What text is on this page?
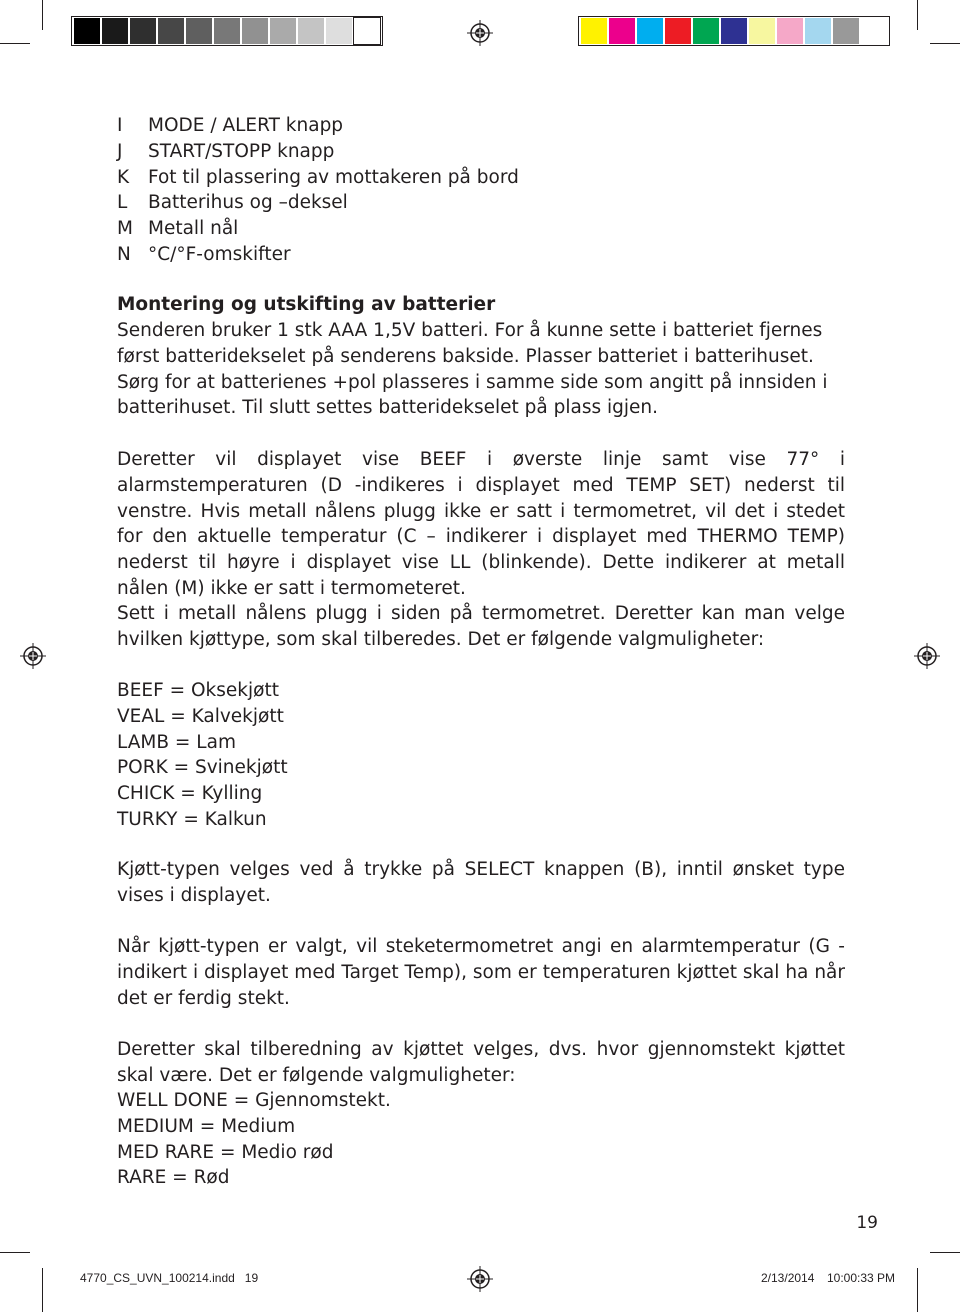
I	MODE / ALERT knapp
J	START/STOPP knapp
K	Fot til plassering av mottakeren på bord
L	Batterihus og –deksel
M Metall nål
N °C/°F-omskifter
Montering og utskifting av batterier

Senderen bruker 1 stk AAA 1,5V batteri. For å kunne sette i batteriet fjernes først batteridekselet på senderens bakside. Plasser batteriet i batterihuset. Sørg for at batterienes +pol plasseres i samme side som angitt på innsiden i batterihuset. Til slutt settes batteridekselet på plass igjen.

Deretter vil displayet vise BEEF i øverste linje samt vise 77° i alarmstemperaturen (D -indikeres i displayet med TEMP SET) nederst til venstre. Hvis metall nålens plugg ikke er satt i termometret, vil det i stedet for den aktuelle temperatur (C – indikerer i displayet med THERMO TEMP) nederst til høyre i displayet vise LL (blinkende). Dette indikerer at metall nålen (M) ikke er satt i termometeret.

Sett i metall nålens plugg i siden på termometret. Deretter kan man velge hvilken kjøttype, som skal tilberedes. Det er følgende valgmuligheter:

BEEF = Oksekjøtt
VEAL = Kalvekjøtt
LAMB = Lam
PORK = Svinekjøtt
CHICK = Kylling
TURKY = Kalkun

Kjøtt-typen velges ved å trykke på SELECT knappen (B), inntil ønsket type vises i displayet.

Når kjøtt-typen er valgt, vil steketermometret angi en alarmtemperatur (G - indikert i displayet med Target Temp), som er temperaturen kjøttet skal ha når det er ferdig stekt.

Deretter skal tilberedning av kjøttet velges, dvs. hvor gjennomstekt kjøttet skal være. Det er følgende valgmuligheter:

WELL DONE = Gjennomstekt.
MEDIUM = Medium
MED RARE = Medio rød
RARE = Rød
19
4770_CS_UVN_100214.indd   19	2/13/2014 10:00:33 PM
